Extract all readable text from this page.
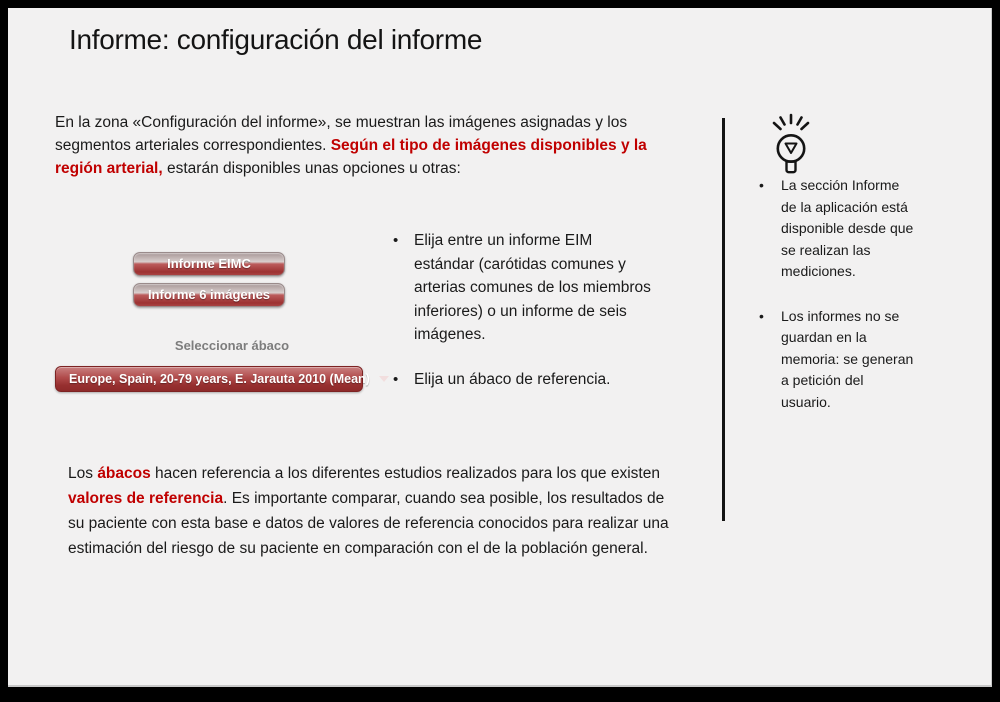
Informe: configuración del informe

En la zona «Configuración del informe», se muestran las imágenes asignadas y los segmentos arteriales correspondientes. Según el tipo de imágenes disponibles y la región arterial, estarán disponibles unas opciones u otras:

Informe EIMC
Informe 6 imágenes
Seleccionar ábaco
Europe, Spain, 20-79 years, E. Jarauta 2010 (Mean)
• Elija entre un informe EIM estándar (carótidas comunes y arterias comunes de los miembros inferiores) o un informe de seis imágenes.
• Elija un ábaco de referencia.

Los ábacos hacen referencia a los diferentes estudios realizados para los que existen valores de referencia. Es importante comparar, cuando sea posible, los resultados de su paciente con esta base e datos de valores de referencia conocidos para realizar una estimación del riesgo de su paciente en comparación con el de la población general.

• La sección Informe de la aplicación está disponible desde que se realizan las mediciones.
• Los informes no se guardan en la memoria: se generan a petición del usuario.
